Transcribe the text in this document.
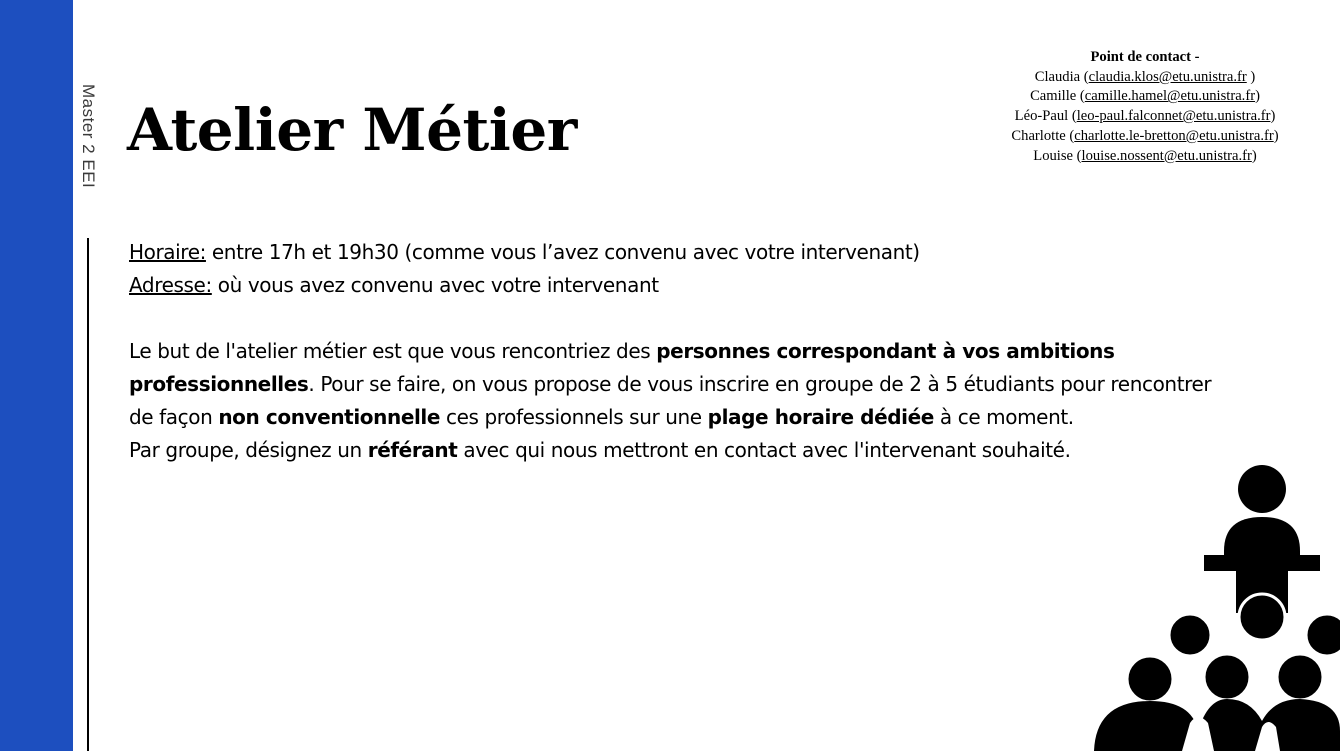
Master 2 EEI Atelier Métier
Point de contact -
Claudia (claudia.klos@etu.unistra.fr )
Camille (camille.hamel@etu.unistra.fr)
Léo-Paul (leo-paul.falconnet@etu.unistra.fr)
Charlotte (charlotte.le-bretton@etu.unistra.fr)
Louise (louise.nossent@etu.unistra.fr)

Horaire: entre 17h et 19h30 (comme vous l’avez convenu avec votre intervenant)

Adresse: où vous avez convenu avec votre intervenant

Le but de l'atelier métier est que vous rencontriez des personnes correspondant à vos ambitions professionnelles. Pour se faire, on vous propose de vous inscrire en groupe de 2 à 5 étudiants pour rencontrer de façon non conventionnelle ces professionnels sur une plage horaire dédiée à ce moment.

Par groupe, désignez un référant avec qui nous mettront en contact avec l'intervenant souhaité.
